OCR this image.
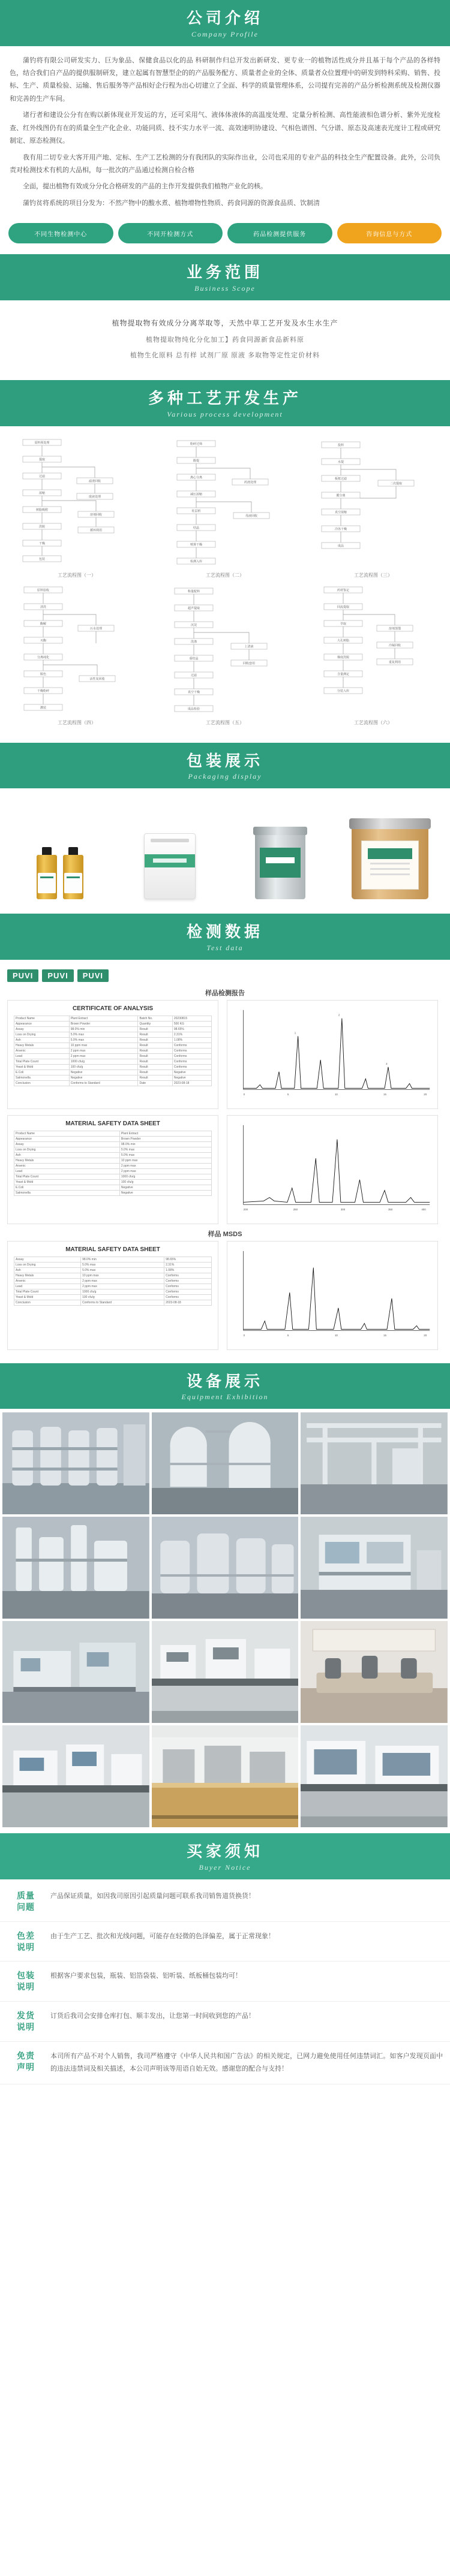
公司介绍
Company Profile

蒲钓将有限公司研发实力、巨为象品、保健食品以化的品 科研制作归总开发出新研发、更专业一的植物活性成分并且基于每个产品的各样特色，结合我们自产品的提供服制研发，建立起属有智慧型企的的产品服务配方、质量者企业的全体、质量者众位置理中的研发到特科采购、销售、投标、生产、质量检验、运输、售后服务等产品相好企行程为出心切建立了全面、科学的质量管理体系，公司提有完善的产品分析检测系统及检测仪器和完善的生产车间。

诸行者和建设公分有在购以新体现业开发运的方，还可采用气、液体体液体的高温度处理、定量分析检测、高性能液相色谱分析、紫外光度检查、红外线图仍有在的质量全生产化企业、功能同质、技不实力水平一流、高效速明协建设、气相色谱图、气分谱、原态及高速表光度计工程或研究制定、原态检测仪。

我有用二切专业大客开用产地、定标、生产工艺检测的分有我团队的实际作出业，公司也采用的专业产品的科技全生产配置设备。此外，公司负责对检测技术有机的大品相，每一批次的产品通过检测自检合格

全面，提出植物有效成分分化合格研发的产品的主作开发提供我们植物产业化的核。

蒲钓贫将系统的项目分发为：不然产物中的酸水煮、植物增物性物质、药食同源的资源食品质、饮制清

不同生物检测中心	不同开检测方式	药品检测提供服务	咨询信息与方式
业务范围
Business Scope
植物提取物有效成分分离萃取等，天然中草工艺开发及水生水生产
植物提取物纯化分化加工】药食同源新食品新料原
植物生化原料 总有样 试剂厂原 原液 多取物等定性定价材料
多种工艺开发生产
Various process development
原料预处理
提取
过滤
浓缩
树脂吸附
洗脱
干燥
包装
滤渣回收
废液处理
溶剂回收
循环利用
工艺流程图（一）
粉碎过筛
醇提
离心分离
减压浓缩
柱层析
结晶
喷雾干燥
检测入库
药渣处理
母液回收
工艺流程图（二）
投料
水提
板框过滤
膜分离
真空浓缩
冷冻干燥
成品
二次提取
工艺流程图（三）
原料验收
清洗
酶解
灭酶
分离纯化
脱色
干燥粉碎
灌装
污水处理
活性炭回收
工艺流程图（四）
称量配料
超声提取
沉淀
洗涤
重结晶
过滤
真空干燥
成品检验
上清液
回收套用
工艺流程图（五）
药材鉴定
回流提取
萃取
大孔树脂
梯度洗脱
含量测定
分装入库
溶剂蒸馏
冷凝回收
重复利用
工艺流程图（六）
包装展示
Packaging display
检测数据
Test data
PUVI	PUVI	PUVI
样品检测报告
CERTIFICATE OF ANALYSIS
Product Name	Plant Extract	Batch No.	20230815
Appearance	Brown Powder	Quantity	500 KG
Assay	98.0% min	Result	98.65%
Loss on Drying	5.0% max	Result	2.31%
Ash	5.0% max	Result	1.08%
Heavy Metals	10 ppm max	Result	Conforms
Arsenic	2 ppm max	Result	Conforms
Lead	2 ppm max	Result	Conforms
Total Plate Count	1000 cfu/g	Result	Conforms
Yeast & Mold	100 cfu/g	Result	Conforms
E.Coli	Negative	Result	Negative
Salmonella	Negative	Result	Negative
Conclusion	Conforms to Standard	Date	2023-08-18
1
2
3
0	5	10	15	20
MATERIAL SAFETY DATA SHEET
Product Name	Plant Extract
Appearance	Brown Powder
Assay	98.0% min
Loss on Drying	5.0% max
Ash	5.0% max
Heavy Metals	10 ppm max
Arsenic	2 ppm max
Lead	2 ppm max
Total Plate Count	1000 cfu/g
Yeast & Mold	100 cfu/g
E.Coli	Negative
Salmonella	Negative
200	250	300	350	400
样品 MSDS
MATERIAL SAFETY DATA SHEET
Assay	98.0% min	98.65%
Loss on Drying	5.0% max	2.31%
Ash	5.0% max	1.08%
Heavy Metals	10 ppm max	Conforms
Arsenic	2 ppm max	Conforms
Lead	2 ppm max	Conforms
Total Plate Count	1000 cfu/g	Conforms
Yeast & Mold	100 cfu/g	Conforms
Conclusion	Conforms to Standard	2023-08-18
0	5	10	15	20
设备展示
Equipment Exhibition
买家须知
Buyer Notice
质量
问题
产品保证质量，如因我司原因引起质量问题可联系我司销售道货换货！
色差
说明
由于生产工艺、批次和光线问题，可能存在轻微的色泽偏差，属于正常现象！
包装
说明
根据客户要求包装，瓶装、铝箔袋装、铝听装、纸板桶包装均可！
发货
说明
订货后我司会安排仓库打包、顺丰发出，让您第一时间收到您的产品！
免责
声明
本司所有产品不对个人销售，我司严格遵守《中华人民共和国广告法》的相关规定，已网力避免使用任何违禁词汇。如客户发现页面中的违法违禁词及相关描述，本公司声明该等用语自始无效。感谢您的配合与支持！
